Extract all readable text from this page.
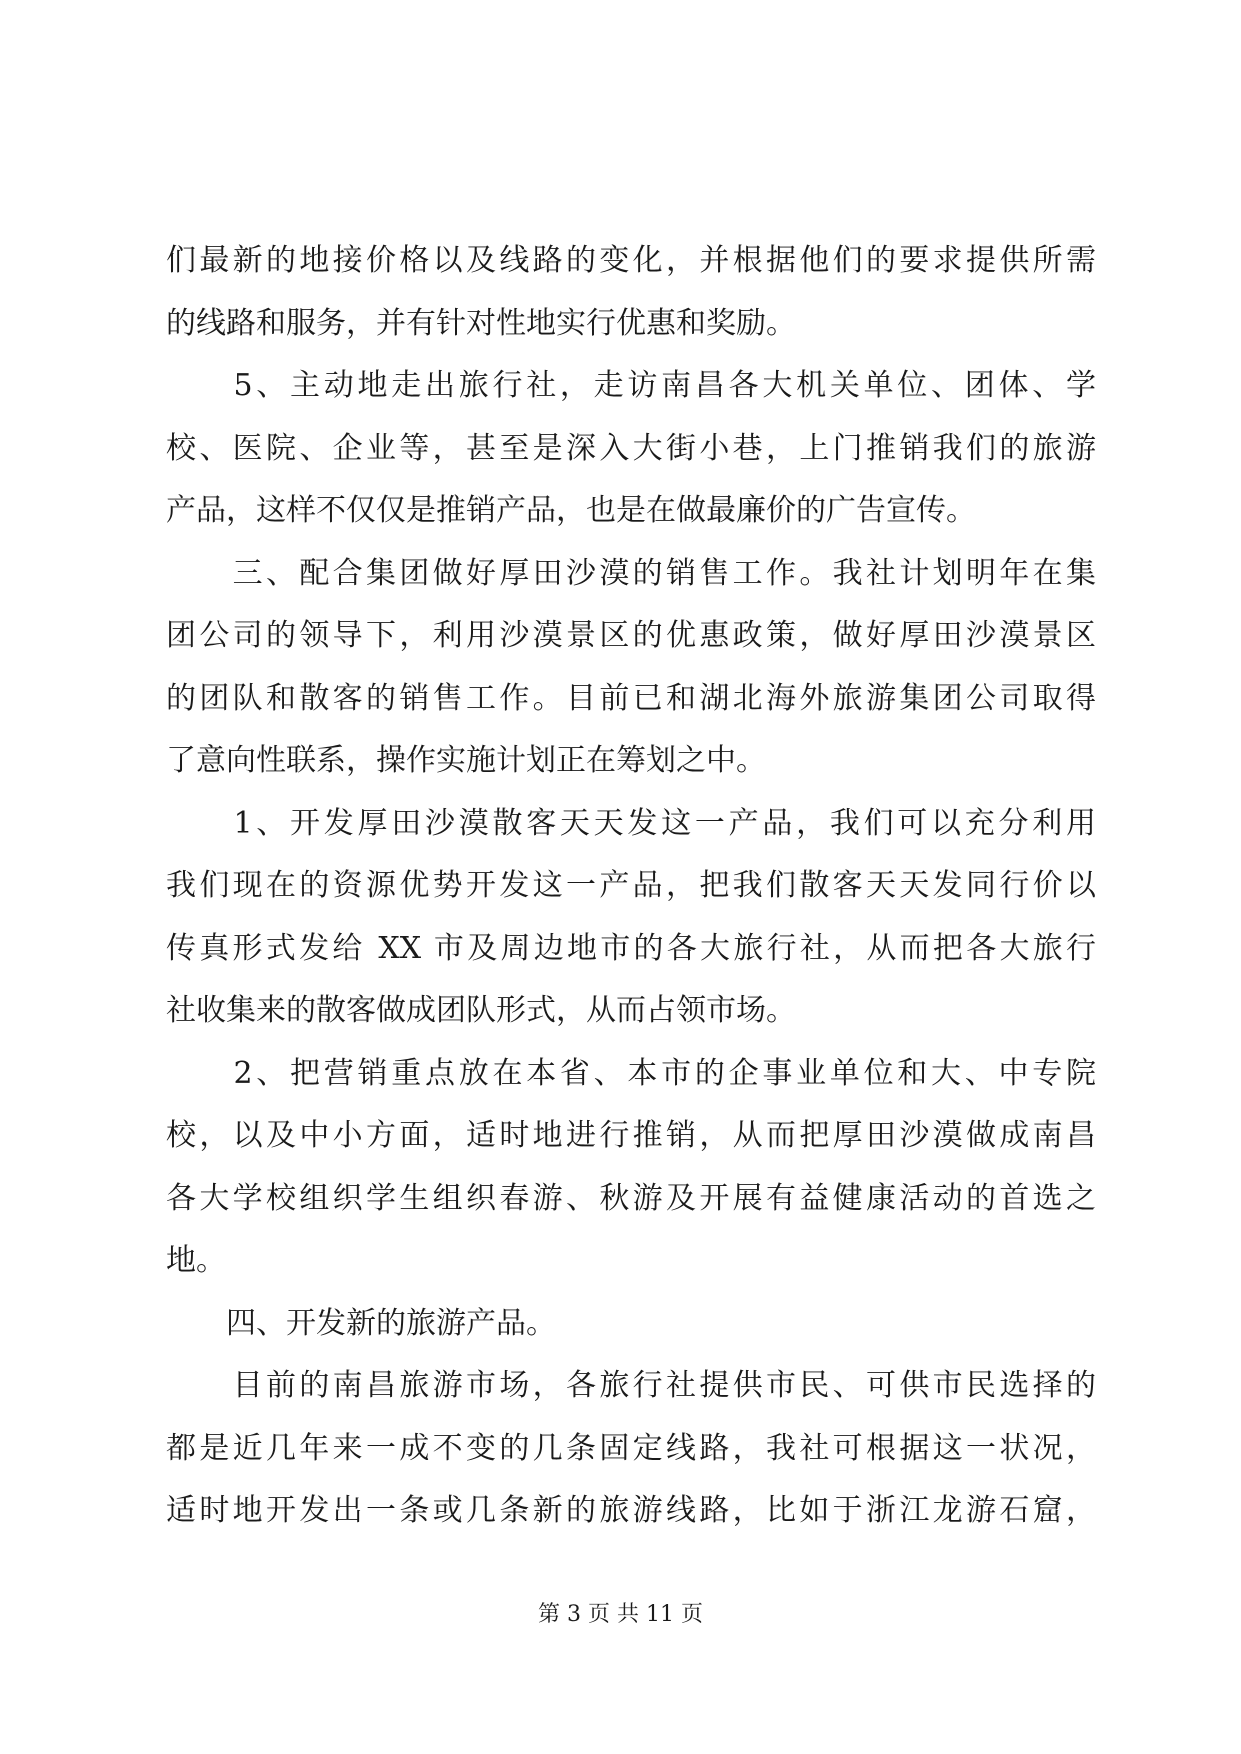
们最新的地接价格以及线路的变化，并根据他们的要求提供所需
的线路和服务，并有针对性地实行优惠和奖励。
　　5、主动地走出旅行社，走访南昌各大机关单位、团体、学
校、医院、企业等，甚至是深入大街小巷，上门推销我们的旅游
产品，这样不仅仅是推销产品，也是在做最廉价的广告宣传。
　　三、配合集团做好厚田沙漠的销售工作。我社计划明年在集
团公司的领导下，利用沙漠景区的优惠政策，做好厚田沙漠景区
的团队和散客的销售工作。目前已和湖北海外旅游集团公司取得
了意向性联系，操作实施计划正在筹划之中。
　　1、开发厚田沙漠散客天天发这一产品，我们可以充分利用
我们现在的资源优势开发这一产品，把我们散客天天发同行价以
传真形式发给 XX 市及周边地市的各大旅行社，从而把各大旅行
社收集来的散客做成团队形式，从而占领市场。
　　2、把营销重点放在本省、本市的企事业单位和大、中专院
校，以及中小方面，适时地进行推销，从而把厚田沙漠做成南昌
各大学校组织学生组织春游、秋游及开展有益健康活动的首选之
地。
　　四、开发新的旅游产品。
　　目前的南昌旅游市场，各旅行社提供市民、可供市民选择的
都是近几年来一成不变的几条固定线路，我社可根据这一状况，
适时地开发出一条或几条新的旅游线路，比如于浙江龙游石窟，
第 3 页 共 11 页
